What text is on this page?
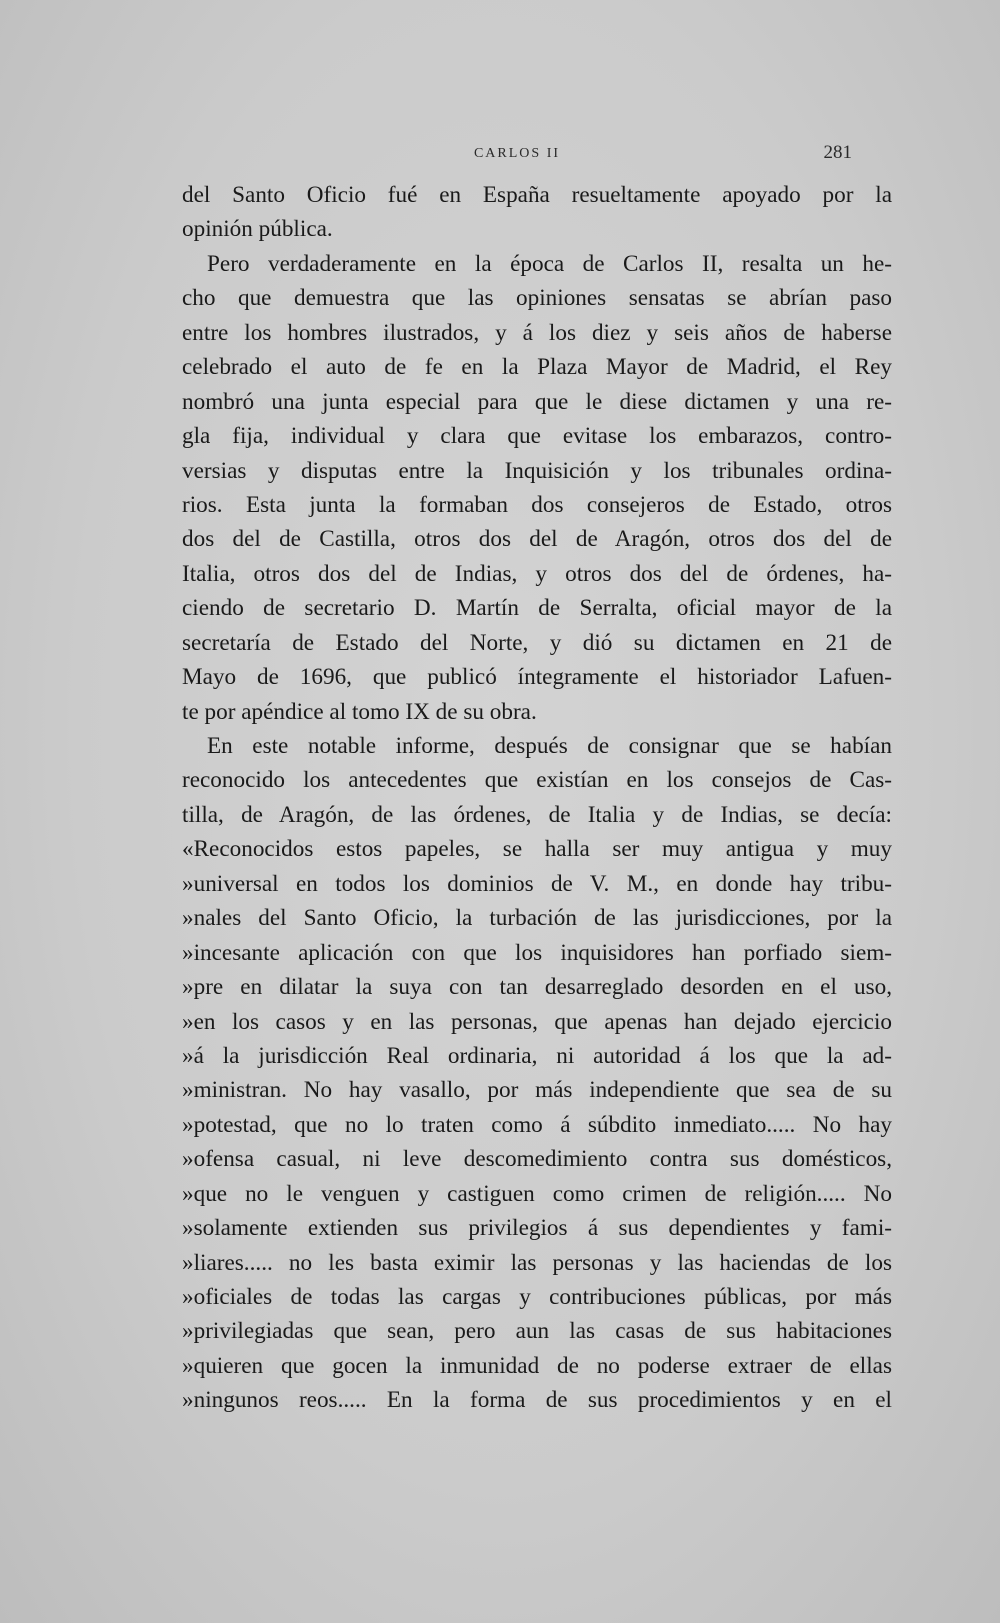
CARLOS II	281
del Santo Oficio fué en España resueltamente apoyado por la
opinión pública.
Pero verdaderamente en la época de Carlos II, resalta un he-
cho que demuestra que las opiniones sensatas se abrían paso
entre los hombres ilustrados, y á los diez y seis años de haberse
celebrado el auto de fe en la Plaza Mayor de Madrid, el Rey
nombró una junta especial para que le diese dictamen y una re-
gla fija, individual y clara que evitase los embarazos, contro-
versias y disputas entre la Inquisición y los tribunales ordina-
rios. Esta junta la formaban dos consejeros de Estado, otros
dos del de Castilla, otros dos del de Aragón, otros dos del de
Italia, otros dos del de Indias, y otros dos del de órdenes, ha-
ciendo de secretario D. Martín de Serralta, oficial mayor de la
secretaría de Estado del Norte, y dió su dictamen en 21 de
Mayo de 1696, que publicó íntegramente el historiador Lafuen-
te por apéndice al tomo IX de su obra.
En este notable informe, después de consignar que se habían
reconocido los antecedentes que existían en los consejos de Cas-
tilla, de Aragón, de las órdenes, de Italia y de Indias, se decía:
«Reconocidos estos papeles, se halla ser muy antigua y muy
»universal en todos los dominios de V. M., en donde hay tribu-
»nales del Santo Oficio, la turbación de las jurisdicciones, por la
»incesante aplicación con que los inquisidores han porfiado siem-
»pre en dilatar la suya con tan desarreglado desorden en el uso,
»en los casos y en las personas, que apenas han dejado ejercicio
»á la jurisdicción Real ordinaria, ni autoridad á los que la ad-
»ministran. No hay vasallo, por más independiente que sea de su
»potestad, que no lo traten como á súbdito inmediato..... No hay
»ofensa casual, ni leve descomedimiento contra sus domésticos,
»que no le venguen y castiguen como crimen de religión..... No
»solamente extienden sus privilegios á sus dependientes y fami-
»liares..... no les basta eximir las personas y las haciendas de los
»oficiales de todas las cargas y contribuciones públicas, por más
»privilegiadas que sean, pero aun las casas de sus habitaciones
»quieren que gocen la inmunidad de no poderse extraer de ellas
»ningunos reos..... En la forma de sus procedimientos y en el
